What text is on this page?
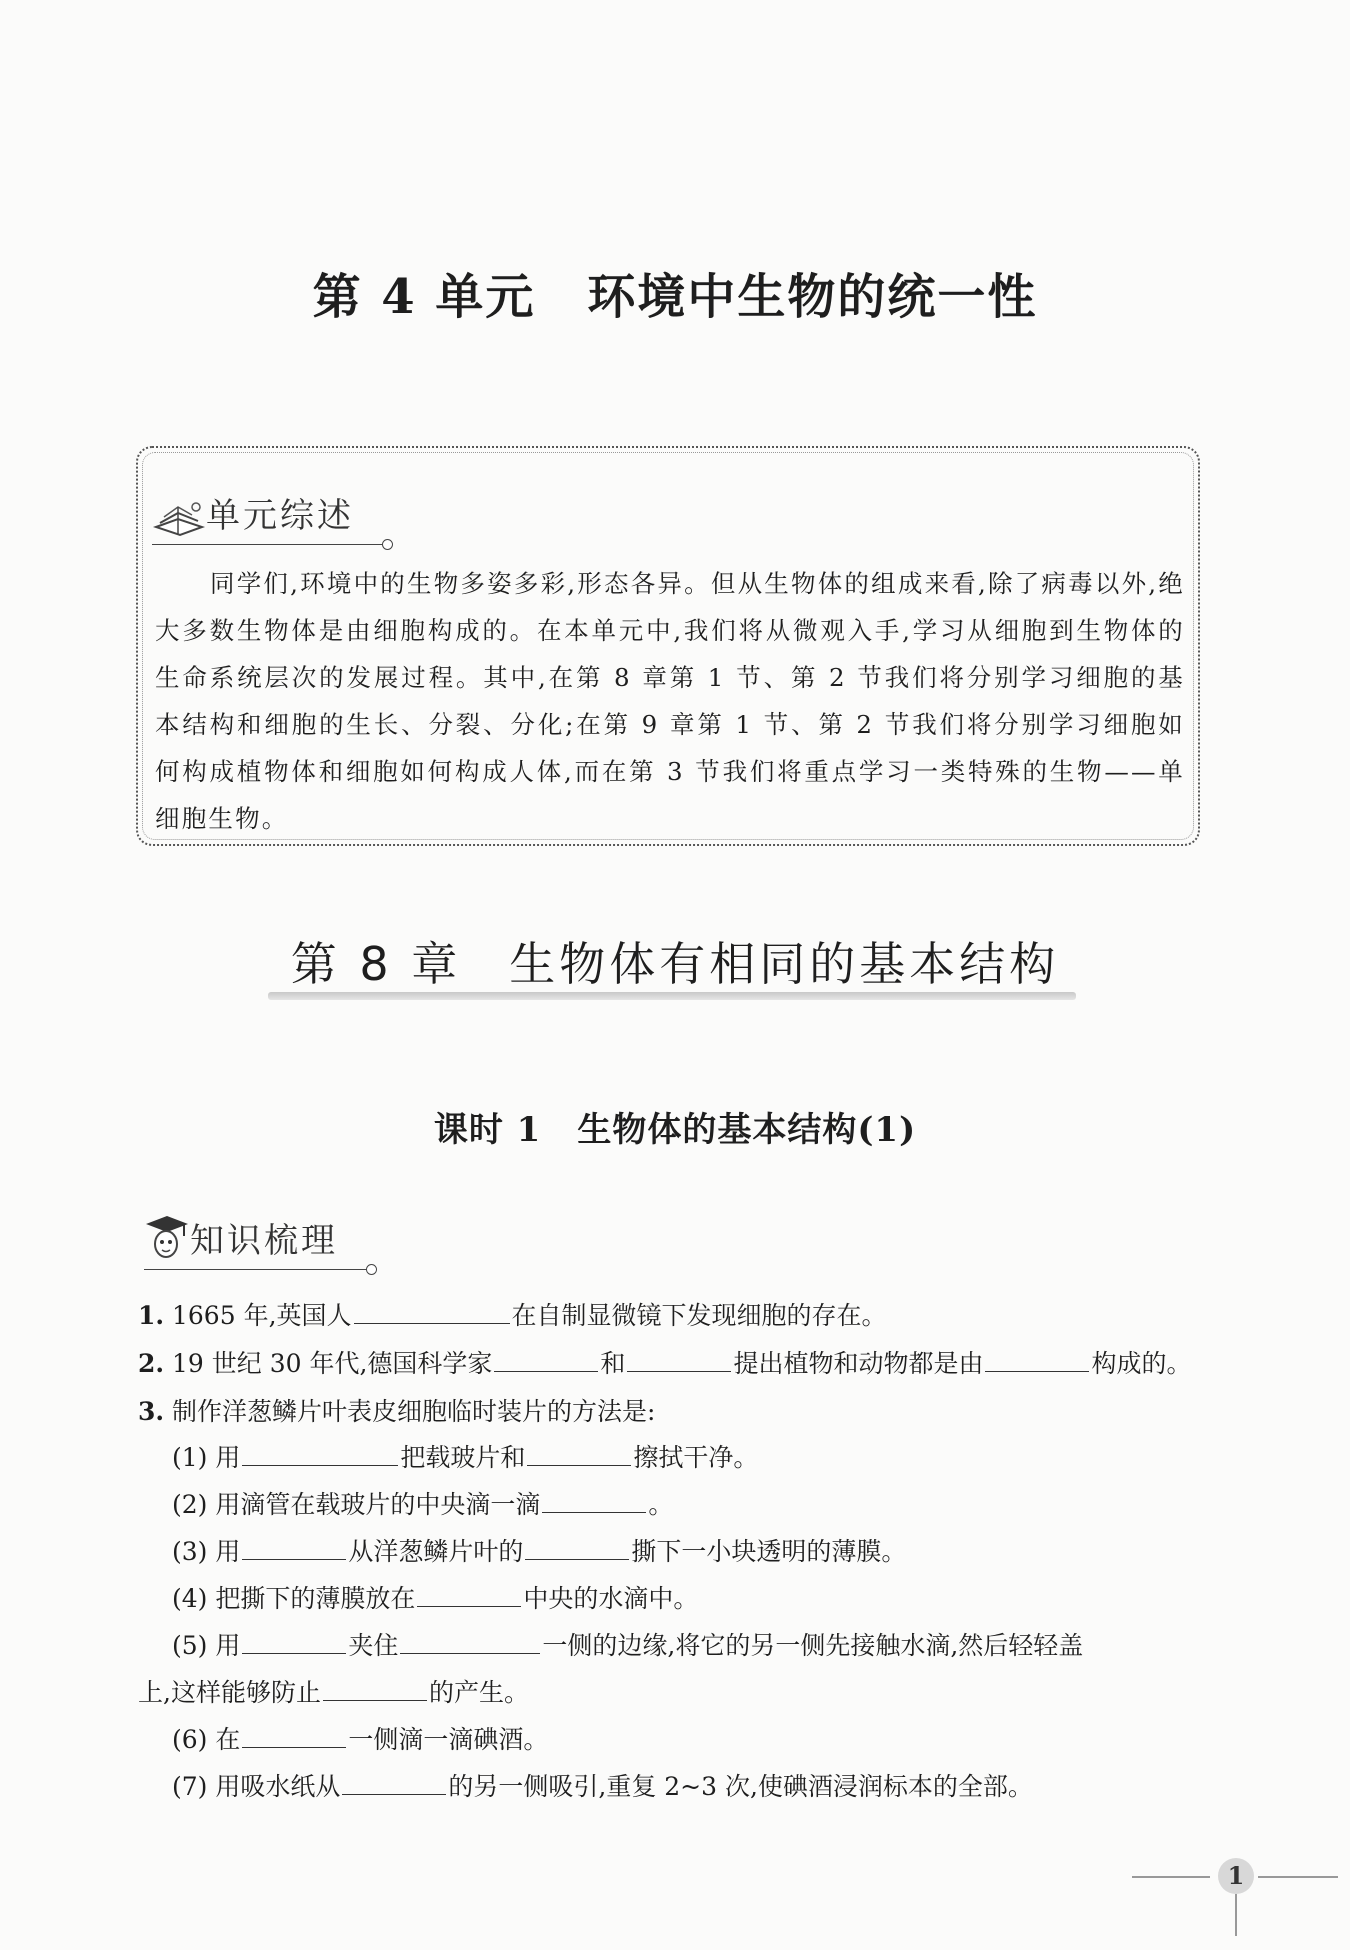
第 4 单元 环境中生物的统一性
单元综述
同学们,环境中的生物多姿多彩,形态各异。但从生物体的组成来看,除了病毒以外,绝大多数生物体是由细胞构成的。在本单元中,我们将从微观入手,学习从细胞到生物体的生命系统层次的发展过程。其中,在第 8 章第 1 节、第 2 节我们将分别学习细胞的基本结构和细胞的生长、分裂、分化;在第 9 章第 1 节、第 2 节我们将分别学习细胞如何构成植物体和细胞如何构成人体,而在第 3 节我们将重点学习一类特殊的生物——单细胞生物。
第 8 章 生物体有相同的基本结构
课时 1 生物体的基本结构(1)
知识梳理
1. 1665 年,英国人	在自制显微镜下发现细胞的存在。
2. 19 世纪 30 年代,德国科学家	和	提出植物和动物都是由	构成的。
3. 制作洋葱鳞片叶表皮细胞临时装片的方法是:
(1) 用	把载玻片和	擦拭干净。
(2) 用滴管在载玻片的中央滴一滴	。
(3) 用	从洋葱鳞片叶的	撕下一小块透明的薄膜。
(4) 把撕下的薄膜放在	中央的水滴中。
(5) 用	夹住	一侧的边缘,将它的另一侧先接触水滴,然后轻轻盖
上,这样能够防止	的产生。
(6) 在	一侧滴一滴碘酒。
(7) 用吸水纸从	的另一侧吸引,重复 2~3 次,使碘酒浸润标本的全部。
1
